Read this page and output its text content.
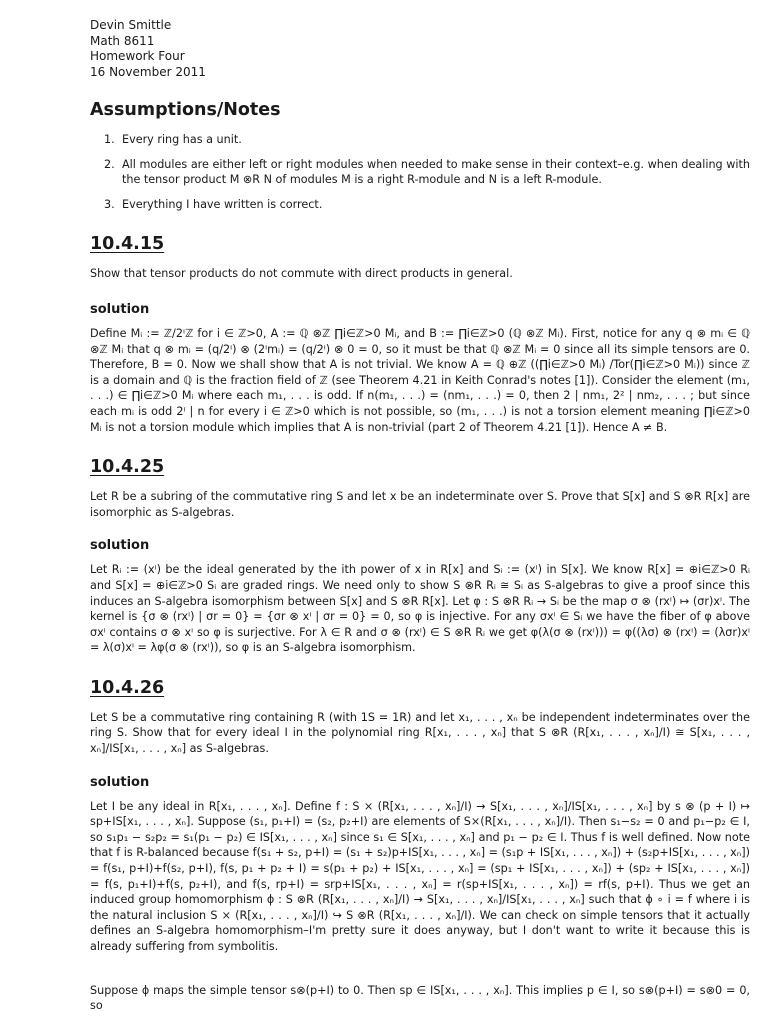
Devin Smittle

Math 8611

Homework Four

16 November 2011

Assumptions/Notes
1. Every ring has a unit.
2. All modules are either left or right modules when needed to make sense in their context–e.g. when dealing with the tensor product M ⊗R N of modules M is a right R-module and N is a left R-module.
3. Everything I have written is correct.
10.4.15

Show that tensor products do not commute with direct products in general.

solution

Define Mᵢ := ℤ/2ⁱℤ for i ∈ ℤ>0, A := ℚ ⊗ℤ ∏i∈ℤ>0 Mᵢ, and B := ∏i∈ℤ>0 (ℚ ⊗ℤ Mᵢ). First, notice for any q ⊗ mᵢ ∈ ℚ ⊗ℤ Mᵢ that q ⊗ mᵢ = (q/2ⁱ) ⊗ (2ⁱmᵢ) = (q/2ⁱ) ⊗ 0 = 0, so it must be that ℚ ⊗ℤ Mᵢ = 0 since all its simple tensors are 0. Therefore, B = 0. Now we shall show that A is not trivial. We know A = ℚ ⊕ℤ ((∏i∈ℤ>0 Mᵢ) /Tor(∏i∈ℤ>0 Mᵢ)) since ℤ is a domain and ℚ is the fraction field of ℤ (see Theorem 4.21 in Keith Conrad's notes [1]). Consider the element (m₁, . . .) ∈ ∏i∈ℤ>0 Mᵢ where each m₁, . . . is odd. If n(m₁, . . .) = (nm₁, . . .) = 0, then 2 | nm₁, 2² | nm₂, . . . ; but since each mᵢ is odd 2ⁱ | n for every i ∈ ℤ>0 which is not possible, so (m₁, . . .) is not a torsion element meaning ∏i∈ℤ>0 Mᵢ is not a torsion module which implies that A is non-trivial (part 2 of Theorem 4.21 [1]). Hence A ≠ B.

10.4.25

Let R be a subring of the commutative ring S and let x be an indeterminate over S. Prove that S[x] and S ⊗R R[x] are isomorphic as S-algebras.

solution

Let Rᵢ := (xⁱ) be the ideal generated by the ith power of x in R[x] and Sᵢ := (xⁱ) in S[x]. We know R[x] = ⊕i∈ℤ>0 Rᵢ and S[x] = ⊕i∈ℤ>0 Sᵢ are graded rings. We need only to show S ⊗R Rᵢ ≅ Sᵢ as S-algebras to give a proof since this induces an S-algebra isomorphism between S[x] and S ⊗R R[x]. Let φ : S ⊗R Rᵢ → Sᵢ be the map σ ⊗ (rxⁱ) ↦ (σr)xⁱ. The kernel is {σ ⊗ (rxⁱ) | σr = 0} = {σr ⊗ xⁱ | σr = 0} = 0, so φ is injective. For any σxⁱ ∈ Sᵢ we have the fiber of φ above σxⁱ contains σ ⊗ xⁱ so φ is surjective. For λ ∈ R and σ ⊗ (rxⁱ) ∈ S ⊗R Rᵢ we get φ(λ(σ ⊗ (rxⁱ))) = φ((λσ) ⊗ (rxⁱ) = (λσr)xⁱ = λ(σ)xⁱ = λφ(σ ⊗ (rxⁱ)), so φ is an S-algebra isomorphism.

10.4.26

Let S be a commutative ring containing R (with 1S = 1R) and let x₁, . . . , xₙ be independent indeterminates over the ring S. Show that for every ideal I in the polynomial ring R[x₁, . . . , xₙ] that S ⊗R (R[x₁, . . . , xₙ]/I) ≅ S[x₁, . . . , xₙ]/IS[x₁, . . . , xₙ] as S-algebras.

solution

Let I be any ideal in R[x₁, . . . , xₙ]. Define f : S × (R[x₁, . . . , xₙ]/I) → S[x₁, . . . , xₙ]/IS[x₁, . . . , xₙ] by s ⊗ (p + I) ↦ sp+IS[x₁, . . . , xₙ]. Suppose (s₁, p₁+I) = (s₂, p₂+I) are elements of S×(R[x₁, . . . , xₙ]/I). Then s₁−s₂ = 0 and p₁−p₂ ∈ I, so s₁p₁ − s₂p₂ = s₁(p₁ − p₂) ∈ IS[x₁, . . . , xₙ] since s₁ ∈ S[x₁, . . . , xₙ] and p₁ − p₂ ∈ I. Thus f is well defined. Now note that f is R-balanced because f(s₁ + s₂, p+I) = (s₁ + s₂)p+IS[x₁, . . . , xₙ] = (s₁p + IS[x₁, . . . , xₙ]) + (s₂p+IS[x₁, . . . , xₙ]) = f(s₁, p+I)+f(s₂, p+I), f(s, p₁ + p₂ + I) = s(p₁ + p₂) + IS[x₁, . . . , xₙ] = (sp₁ + IS[x₁, . . . , xₙ]) + (sp₂ + IS[x₁, . . . , xₙ]) = f(s, p₁+I)+f(s, p₂+I), and f(s, rp+I) = srp+IS[x₁, . . . , xₙ] = r(sp+IS[x₁, . . . , xₙ]) = rf(s, p+I). Thus we get an induced group homomorphism ϕ : S ⊗R (R[x₁, . . . , xₙ]/I) → S[x₁, . . . , xₙ]/IS[x₁, . . . , xₙ] such that ϕ ∘ i = f where i is the natural inclusion S × (R[x₁, . . . , xₙ]/I) ↪ S ⊗R (R[x₁, . . . , xₙ]/I). We can check on simple tensors that it actually defines an S-algebra homomorphism–I'm pretty sure it does anyway, but I don't want to write it because this is already suffering from symbolitis.

Suppose ϕ maps the simple tensor s⊗(p+I) to 0. Then sp ∈ IS[x₁, . . . , xₙ]. This implies p ∈ I, so s⊗(p+I) = s⊗0 = 0, so
